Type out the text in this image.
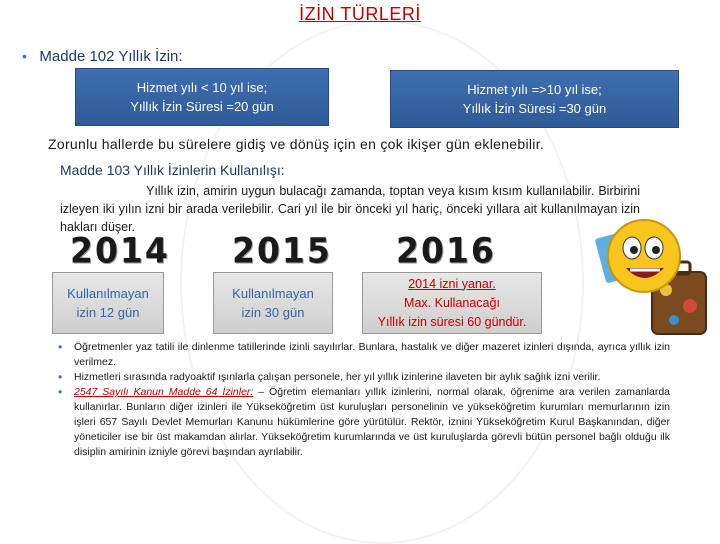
İZİN TÜRLERİ
• Madde 102 Yıllık İzin:
Hizmet yılı < 10 yıl ise;
Yıllık İzin Süresi =20 gün
Hizmet yılı =>10 yıl ise;
Yıllık İzin Süresi =30 gün
Zorunlu hallerde bu sürelere gidiş ve dönüş için en çok ikişer gün eklenebilir.
Madde 103 Yıllık İzinlerin Kullanılışı:
Yıllık izin, amirin uygun bulacağı zamanda, toptan veya kısım kısım kullanılabilir. Birbirini izleyen iki yılın izni bir arada verilebilir. Cari yıl ile bir önceki yıl hariç, önceki yıllara ait kullanılmayan izin hakları düşer.
2014 2015 2016
Kullanılmayan
izin 12 gün
Kullanılmayan
izin 30 gün
2014 izni yanar.
Max. Kullanacağı
Yıllık izin süresi 60 gündür.
• Öğretmenler yaz tatili ile dinlenme tatillerinde izinli sayılırlar. Bunlara, hastalık ve diğer mazeret izinleri dışında, ayrıca yıllık izin verilmez.
• Hizmetleri sırasında radyoaktif ışınlarla çalışan personele, her yıl yıllık izinlerine ilaveten bir aylık sağlık izni verilir.
• 2547 Sayılı Kanun Madde 64 İzinler: – Öğretim elemanları yıllık izinlerini, normal olarak, öğrenime ara verilen zamanlarda kullanırlar. Bunların diğer izinleri ile Yükseköğretim üst kuruluşları personelinin ve yükseköğretim kurumları memurlarının izin işleri 657 Sayılı Devlet Memurları Kanunu hükümlerine göre yürütülür. Rektör, iznini Yükseköğretim Kurul Başkanından, diğer yöneticiler ise bir üst makamdan alırlar. Yükseköğretim kurumlarında ve üst kuruluşlarda görevli bütün personel bağlı olduğu ilk disiplin amirinin izniyle görevi başından ayrılabilir.
